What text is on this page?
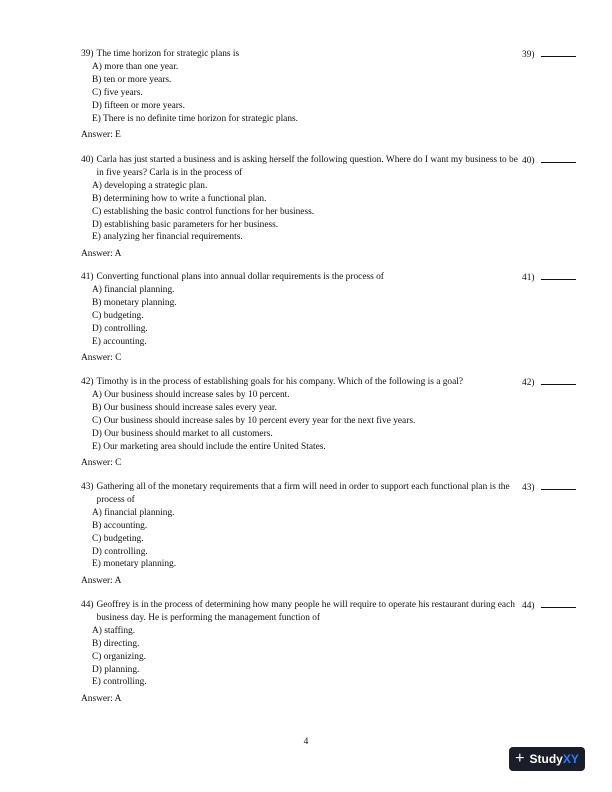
39) The time horizon for strategic plans is
A) more than one year.
B) ten or more years.
C) five years.
D) fifteen or more years.
E) There is no definite time horizon for strategic plans.
Answer: E
39)
40) Carla has just started a business and is asking herself the following question. Where do I want my business to be in five years? Carla is in the process of
A) developing a strategic plan.
B) determining how to write a functional plan.
C) establishing the basic control functions for her business.
D) establishing basic parameters for her business.
E) analyzing her financial requirements.
Answer: A
40)
41) Converting functional plans into annual dollar requirements is the process of
A) financial planning.
B) monetary planning.
C) budgeting.
D) controlling.
E) accounting.
Answer: C
41)
42) Timothy is in the process of establishing goals for his company. Which of the following is a goal?
A) Our business should increase sales by 10 percent.
B) Our business should increase sales every year.
C) Our business should increase sales by 10 percent every year for the next five years.
D) Our business should market to all customers.
E) Our marketing area should include the entire United States.
Answer: C
42)
43) Gathering all of the monetary requirements that a firm will need in order to support each functional plan is the process of
A) financial planning.
B) accounting.
C) budgeting.
D) controlling.
E) monetary planning.
Answer: A
43)
44) Geoffrey is in the process of determining how many people he will require to operate his restaurant during each business day. He is performing the management function of
A) staffing.
B) directing.
C) organizing.
D) planning.
E) controlling.
Answer: A
44)
4
+ StudyXY
